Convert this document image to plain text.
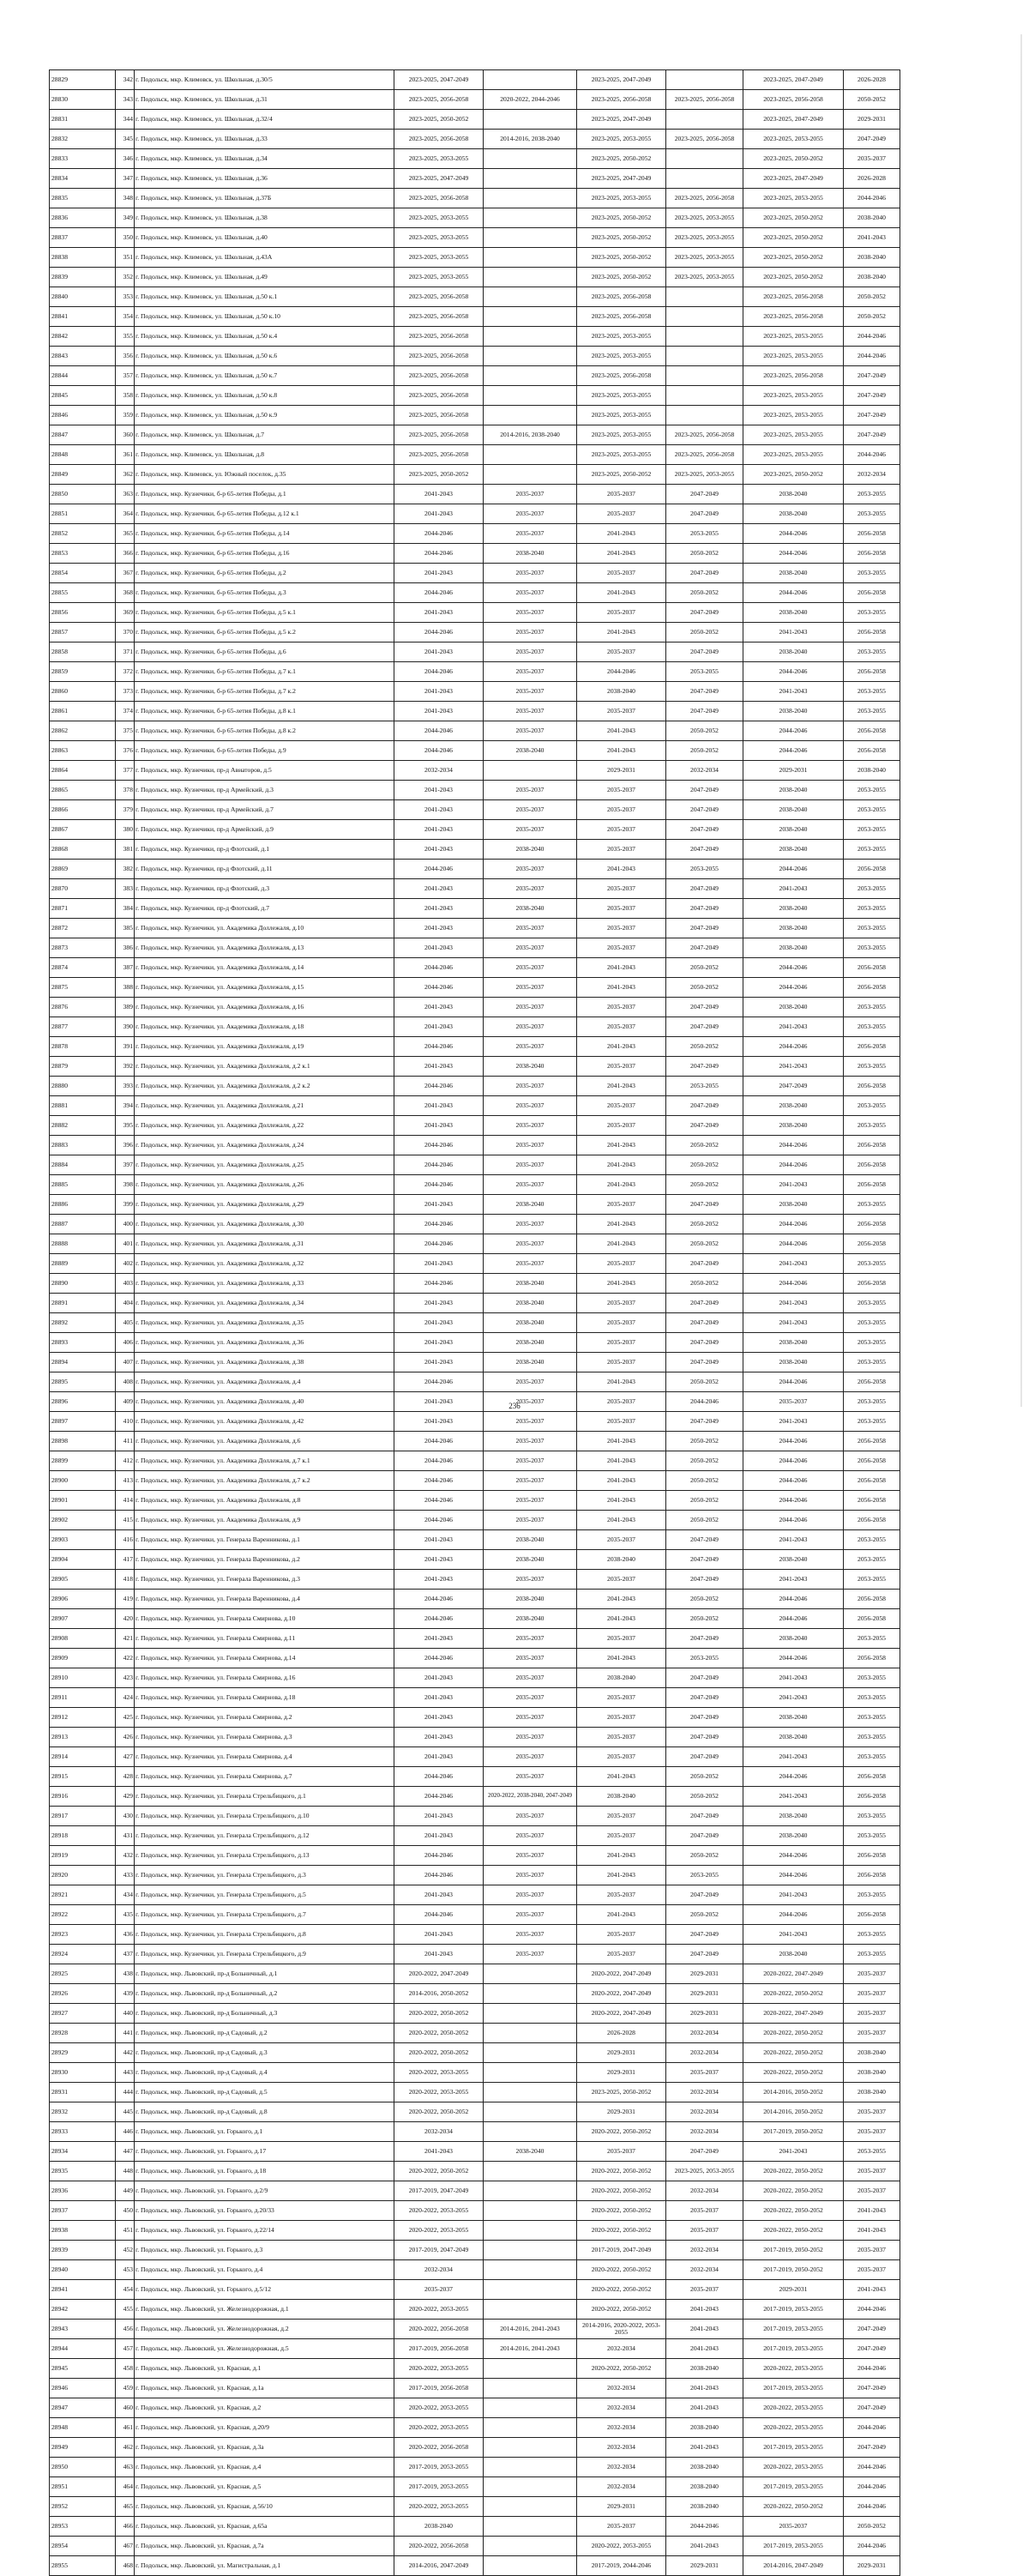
28829	342	г. Подольск, мкр. Климовск, ул. Школьная, д.30/5	2023-2025, 2047-2049		2023-2025, 2047-2049		2023-2025, 2047-2049	2026-2028
28830	343	г. Подольск, мкр. Климовск, ул. Школьная, д.31	2023-2025, 2056-2058	2020-2022, 2044-2046	2023-2025, 2056-2058	2023-2025, 2056-2058	2023-2025, 2056-2058	2050-2052
28831	344	г. Подольск, мкр. Климовск, ул. Школьная, д.32/4	2023-2025, 2050-2052		2023-2025, 2047-2049		2023-2025, 2047-2049	2029-2031
28832	345	г. Подольск, мкр. Климовск, ул. Школьная, д.33	2023-2025, 2056-2058	2014-2016, 2038-2040	2023-2025, 2053-2055	2023-2025, 2056-2058	2023-2025, 2053-2055	2047-2049
28833	346	г. Подольск, мкр. Климовск, ул. Школьная, д.34	2023-2025, 2053-2055		2023-2025, 2050-2052		2023-2025, 2050-2052	2035-2037
28834	347	г. Подольск, мкр. Климовск, ул. Школьная, д.36	2023-2025, 2047-2049		2023-2025, 2047-2049		2023-2025, 2047-2049	2026-2028
28835	348	г. Подольск, мкр. Климовск, ул. Школьная, д.37Б	2023-2025, 2056-2058		2023-2025, 2053-2055	2023-2025, 2056-2058	2023-2025, 2053-2055	2044-2046
28836	349	г. Подольск, мкр. Климовск, ул. Школьная, д.38	2023-2025, 2053-2055		2023-2025, 2050-2052	2023-2025, 2053-2055	2023-2025, 2050-2052	2038-2040
28837	350	г. Подольск, мкр. Климовск, ул. Школьная, д.40	2023-2025, 2053-2055		2023-2025, 2050-2052	2023-2025, 2053-2055	2023-2025, 2050-2052	2041-2043
28838	351	г. Подольск, мкр. Климовск, ул. Школьная, д.43А	2023-2025, 2053-2055		2023-2025, 2050-2052	2023-2025, 2053-2055	2023-2025, 2050-2052	2038-2040
28839	352	г. Подольск, мкр. Климовск, ул. Школьная, д.49	2023-2025, 2053-2055		2023-2025, 2050-2052	2023-2025, 2053-2055	2023-2025, 2050-2052	2038-2040
28840	353	г. Подольск, мкр. Климовск, ул. Школьная, д.50 к.1	2023-2025, 2056-2058		2023-2025, 2056-2058		2023-2025, 2056-2058	2050-2052
28841	354	г. Подольск, мкр. Климовск, ул. Школьная, д.50 к.10	2023-2025, 2056-2058		2023-2025, 2056-2058		2023-2025, 2056-2058	2050-2052
28842	355	г. Подольск, мкр. Климовск, ул. Школьная, д.50 к.4	2023-2025, 2056-2058		2023-2025, 2053-2055		2023-2025, 2053-2055	2044-2046
28843	356	г. Подольск, мкр. Климовск, ул. Школьная, д.50 к.6	2023-2025, 2056-2058		2023-2025, 2053-2055		2023-2025, 2053-2055	2044-2046
28844	357	г. Подольск, мкр. Климовск, ул. Школьная, д.50 к.7	2023-2025, 2056-2058		2023-2025, 2056-2058		2023-2025, 2056-2058	2047-2049
28845	358	г. Подольск, мкр. Климовск, ул. Школьная, д.50 к.8	2023-2025, 2056-2058		2023-2025, 2053-2055		2023-2025, 2053-2055	2047-2049
28846	359	г. Подольск, мкр. Климовск, ул. Школьная, д.50 к.9	2023-2025, 2056-2058		2023-2025, 2053-2055		2023-2025, 2053-2055	2047-2049
28847	360	г. Подольск, мкр. Климовск, ул. Школьная, д.7	2023-2025, 2056-2058	2014-2016, 2038-2040	2023-2025, 2053-2055	2023-2025, 2056-2058	2023-2025, 2053-2055	2047-2049
28848	361	г. Подольск, мкр. Климовск, ул. Школьная, д.8	2023-2025, 2056-2058		2023-2025, 2053-2055	2023-2025, 2056-2058	2023-2025, 2053-2055	2044-2046
28849	362	г. Подольск, мкр. Климовск, ул. Южный поселок, д.35	2023-2025, 2050-2052		2023-2025, 2050-2052	2023-2025, 2053-2055	2023-2025, 2050-2052	2032-2034
28850	363	г. Подольск, мкр. Кузнечики, б-р 65-летия Победы, д.1	2041-2043	2035-2037	2035-2037	2047-2049	2038-2040	2053-2055
28851	364	г. Подольск, мкр. Кузнечики, б-р 65-летия Победы, д.12 к.1	2041-2043	2035-2037	2035-2037	2047-2049	2038-2040	2053-2055
28852	365	г. Подольск, мкр. Кузнечики, б-р 65-летия Победы, д.14	2044-2046	2035-2037	2041-2043	2053-2055	2044-2046	2056-2058
28853	366	г. Подольск, мкр. Кузнечики, б-р 65-летия Победы, д.16	2044-2046	2038-2040	2041-2043	2050-2052	2044-2046	2056-2058
28854	367	г. Подольск, мкр. Кузнечики, б-р 65-летия Победы, д.2	2041-2043	2035-2037	2035-2037	2047-2049	2038-2040	2053-2055
28855	368	г. Подольск, мкр. Кузнечики, б-р 65-летия Победы, д.3	2044-2046	2035-2037	2041-2043	2050-2052	2044-2046	2056-2058
28856	369	г. Подольск, мкр. Кузнечики, б-р 65-летия Победы, д.5 к.1	2041-2043	2035-2037	2035-2037	2047-2049	2038-2040	2053-2055
28857	370	г. Подольск, мкр. Кузнечики, б-р 65-летия Победы, д.5 к.2	2044-2046	2035-2037	2041-2043	2050-2052	2041-2043	2056-2058
28858	371	г. Подольск, мкр. Кузнечики, б-р 65-летия Победы, д.6	2041-2043	2035-2037	2035-2037	2047-2049	2038-2040	2053-2055
28859	372	г. Подольск, мкр. Кузнечики, б-р 65-летия Победы, д.7 к.1	2044-2046	2035-2037	2044-2046	2053-2055	2044-2046	2056-2058
28860	373	г. Подольск, мкр. Кузнечики, б-р 65-летия Победы, д.7 к.2	2041-2043	2035-2037	2038-2040	2047-2049	2041-2043	2053-2055
28861	374	г. Подольск, мкр. Кузнечики, б-р 65-летия Победы, д.8 к.1	2041-2043	2035-2037	2035-2037	2047-2049	2038-2040	2053-2055
28862	375	г. Подольск, мкр. Кузнечики, б-р 65-летия Победы, д.8 к.2	2044-2046	2035-2037	2041-2043	2050-2052	2044-2046	2056-2058
28863	376	г. Подольск, мкр. Кузнечики, б-р 65-летия Победы, д.9	2044-2046	2038-2040	2041-2043	2050-2052	2044-2046	2056-2058
28864	377	г. Подольск, мкр. Кузнечики, пр-д Авиаторов, д.5	2032-2034		2029-2031	2032-2034	2029-2031	2038-2040
28865	378	г. Подольск, мкр. Кузнечики, пр-д Армейский, д.3	2041-2043	2035-2037	2035-2037	2047-2049	2038-2040	2053-2055
28866	379	г. Подольск, мкр. Кузнечики, пр-д Армейский, д.7	2041-2043	2035-2037	2035-2037	2047-2049	2038-2040	2053-2055
28867	380	г. Подольск, мкр. Кузнечики, пр-д Армейский, д.9	2041-2043	2035-2037	2035-2037	2047-2049	2038-2040	2053-2055
28868	381	г. Подольск, мкр. Кузнечики, пр-д Флотский, д.1	2041-2043	2038-2040	2035-2037	2047-2049	2038-2040	2053-2055
28869	382	г. Подольск, мкр. Кузнечики, пр-д Флотский, д.11	2044-2046	2035-2037	2041-2043	2053-2055	2044-2046	2056-2058
28870	383	г. Подольск, мкр. Кузнечики, пр-д Флотский, д.3	2041-2043	2035-2037	2035-2037	2047-2049	2041-2043	2053-2055
28871	384	г. Подольск, мкр. Кузнечики, пр-д Флотский, д.7	2041-2043	2038-2040	2035-2037	2047-2049	2038-2040	2053-2055
28872	385	г. Подольск, мкр. Кузнечики, ул. Академика Доллежаля, д.10	2041-2043	2035-2037	2035-2037	2047-2049	2038-2040	2053-2055
28873	386	г. Подольск, мкр. Кузнечики, ул. Академика Доллежаля, д.13	2041-2043	2035-2037	2035-2037	2047-2049	2038-2040	2053-2055
28874	387	г. Подольск, мкр. Кузнечики, ул. Академика Доллежаля, д.14	2044-2046	2035-2037	2041-2043	2050-2052	2044-2046	2056-2058
28875	388	г. Подольск, мкр. Кузнечики, ул. Академика Доллежаля, д.15	2044-2046	2035-2037	2041-2043	2050-2052	2044-2046	2056-2058
28876	389	г. Подольск, мкр. Кузнечики, ул. Академика Доллежаля, д.16	2041-2043	2035-2037	2035-2037	2047-2049	2038-2040	2053-2055
28877	390	г. Подольск, мкр. Кузнечики, ул. Академика Доллежаля, д.18	2041-2043	2035-2037	2035-2037	2047-2049	2041-2043	2053-2055
28878	391	г. Подольск, мкр. Кузнечики, ул. Академика Доллежаля, д.19	2044-2046	2035-2037	2041-2043	2050-2052	2044-2046	2056-2058
28879	392	г. Подольск, мкр. Кузнечики, ул. Академика Доллежаля, д.2 к.1	2041-2043	2038-2040	2035-2037	2047-2049	2041-2043	2053-2055
28880	393	г. Подольск, мкр. Кузнечики, ул. Академика Доллежаля, д.2 к.2	2044-2046	2035-2037	2041-2043	2053-2055	2047-2049	2056-2058
28881	394	г. Подольск, мкр. Кузнечики, ул. Академика Доллежаля, д.21	2041-2043	2035-2037	2035-2037	2047-2049	2038-2040	2053-2055
28882	395	г. Подольск, мкр. Кузнечики, ул. Академика Доллежаля, д.22	2041-2043	2035-2037	2035-2037	2047-2049	2038-2040	2053-2055
28883	396	г. Подольск, мкр. Кузнечики, ул. Академика Доллежаля, д.24	2044-2046	2035-2037	2041-2043	2050-2052	2044-2046	2056-2058
28884	397	г. Подольск, мкр. Кузнечики, ул. Академика Доллежаля, д.25	2044-2046	2035-2037	2041-2043	2050-2052	2044-2046	2056-2058
28885	398	г. Подольск, мкр. Кузнечики, ул. Академика Доллежаля, д.26	2044-2046	2035-2037	2041-2043	2050-2052	2041-2043	2056-2058
28886	399	г. Подольск, мкр. Кузнечики, ул. Академика Доллежаля, д.29	2041-2043	2038-2040	2035-2037	2047-2049	2038-2040	2053-2055
28887	400	г. Подольск, мкр. Кузнечики, ул. Академика Доллежаля, д.30	2044-2046	2035-2037	2041-2043	2050-2052	2044-2046	2056-2058
28888	401	г. Подольск, мкр. Кузнечики, ул. Академика Доллежаля, д.31	2044-2046	2035-2037	2041-2043	2050-2052	2044-2046	2056-2058
28889	402	г. Подольск, мкр. Кузнечики, ул. Академика Доллежаля, д.32	2041-2043	2035-2037	2035-2037	2047-2049	2041-2043	2053-2055
28890	403	г. Подольск, мкр. Кузнечики, ул. Академика Доллежаля, д.33	2044-2046	2038-2040	2041-2043	2050-2052	2044-2046	2056-2058
28891	404	г. Подольск, мкр. Кузнечики, ул. Академика Доллежаля, д.34	2041-2043	2038-2040	2035-2037	2047-2049	2041-2043	2053-2055
28892	405	г. Подольск, мкр. Кузнечики, ул. Академика Доллежаля, д.35	2041-2043	2038-2040	2035-2037	2047-2049	2041-2043	2053-2055
28893	406	г. Подольск, мкр. Кузнечики, ул. Академика Доллежаля, д.36	2041-2043	2038-2040	2035-2037	2047-2049	2038-2040	2053-2055
28894	407	г. Подольск, мкр. Кузнечики, ул. Академика Доллежаля, д.38	2041-2043	2038-2040	2035-2037	2047-2049	2038-2040	2053-2055
28895	408	г. Подольск, мкр. Кузнечики, ул. Академика Доллежаля, д.4	2044-2046	2035-2037	2041-2043	2050-2052	2044-2046	2056-2058
28896	409	г. Подольск, мкр. Кузнечики, ул. Академика Доллежаля, д.40	2041-2043	2035-2037	2035-2037	2044-2046	2035-2037	2053-2055
28897	410	г. Подольск, мкр. Кузнечики, ул. Академика Доллежаля, д.42	2041-2043	2035-2037	2035-2037	2047-2049	2041-2043	2053-2055
28898	411	г. Подольск, мкр. Кузнечики, ул. Академика Доллежаля, д.6	2044-2046	2035-2037	2041-2043	2050-2052	2044-2046	2056-2058
28899	412	г. Подольск, мкр. Кузнечики, ул. Академика Доллежаля, д.7 к.1	2044-2046	2035-2037	2041-2043	2050-2052	2044-2046	2056-2058
28900	413	г. Подольск, мкр. Кузнечики, ул. Академика Доллежаля, д.7 к.2	2044-2046	2035-2037	2041-2043	2050-2052	2044-2046	2056-2058
28901	414	г. Подольск, мкр. Кузнечики, ул. Академика Доллежаля, д.8	2044-2046	2035-2037	2041-2043	2050-2052	2044-2046	2056-2058
28902	415	г. Подольск, мкр. Кузнечики, ул. Академика Доллежаля, д.9	2044-2046	2035-2037	2041-2043	2050-2052	2044-2046	2056-2058
28903	416	г. Подольск, мкр. Кузнечики, ул. Генерала Варенникова, д.1	2041-2043	2038-2040	2035-2037	2047-2049	2041-2043	2053-2055
28904	417	г. Подольск, мкр. Кузнечики, ул. Генерала Варенникова, д.2	2041-2043	2038-2040	2038-2040	2047-2049	2038-2040	2053-2055
28905	418	г. Подольск, мкр. Кузнечики, ул. Генерала Варенникова, д.3	2041-2043	2035-2037	2035-2037	2047-2049	2041-2043	2053-2055
28906	419	г. Подольск, мкр. Кузнечики, ул. Генерала Варенникова, д.4	2044-2046	2038-2040	2041-2043	2050-2052	2044-2046	2056-2058
28907	420	г. Подольск, мкр. Кузнечики, ул. Генерала Смирнова, д.10	2044-2046	2038-2040	2041-2043	2050-2052	2044-2046	2056-2058
28908	421	г. Подольск, мкр. Кузнечики, ул. Генерала Смирнова, д.11	2041-2043	2035-2037	2035-2037	2047-2049	2038-2040	2053-2055
28909	422	г. Подольск, мкр. Кузнечики, ул. Генерала Смирнова, д.14	2044-2046	2035-2037	2041-2043	2053-2055	2044-2046	2056-2058
28910	423	г. Подольск, мкр. Кузнечики, ул. Генерала Смирнова, д.16	2041-2043	2035-2037	2038-2040	2047-2049	2041-2043	2053-2055
28911	424	г. Подольск, мкр. Кузнечики, ул. Генерала Смирнова, д.18	2041-2043	2035-2037	2035-2037	2047-2049	2041-2043	2053-2055
28912	425	г. Подольск, мкр. Кузнечики, ул. Генерала Смирнова, д.2	2041-2043	2035-2037	2035-2037	2047-2049	2038-2040	2053-2055
28913	426	г. Подольск, мкр. Кузнечики, ул. Генерала Смирнова, д.3	2041-2043	2035-2037	2035-2037	2047-2049	2038-2040	2053-2055
28914	427	г. Подольск, мкр. Кузнечики, ул. Генерала Смирнова, д.4	2041-2043	2035-2037	2035-2037	2047-2049	2041-2043	2053-2055
28915	428	г. Подольск, мкр. Кузнечики, ул. Генерала Смирнова, д.7	2044-2046	2035-2037	2041-2043	2050-2052	2044-2046	2056-2058
28916	429	г. Подольск, мкр. Кузнечики, ул. Генерала Стрельбицкого, д.1	2044-2046	2020-2022, 2038-2040, 2047-2049	2038-2040	2050-2052	2041-2043	2056-2058
28917	430	г. Подольск, мкр. Кузнечики, ул. Генерала Стрельбицкого, д.10	2041-2043	2035-2037	2035-2037	2047-2049	2038-2040	2053-2055
28918	431	г. Подольск, мкр. Кузнечики, ул. Генерала Стрельбицкого, д.12	2041-2043	2035-2037	2035-2037	2047-2049	2038-2040	2053-2055
28919	432	г. Подольск, мкр. Кузнечики, ул. Генерала Стрельбицкого, д.13	2044-2046	2035-2037	2041-2043	2050-2052	2044-2046	2056-2058
28920	433	г. Подольск, мкр. Кузнечики, ул. Генерала Стрельбицкого, д.3	2044-2046	2035-2037	2041-2043	2053-2055	2044-2046	2056-2058
28921	434	г. Подольск, мкр. Кузнечики, ул. Генерала Стрельбицкого, д.5	2041-2043	2035-2037	2035-2037	2047-2049	2041-2043	2053-2055
28922	435	г. Подольск, мкр. Кузнечики, ул. Генерала Стрельбицкого, д.7	2044-2046	2035-2037	2041-2043	2050-2052	2044-2046	2056-2058
28923	436	г. Подольск, мкр. Кузнечики, ул. Генерала Стрельбицкого, д.8	2041-2043	2035-2037	2035-2037	2047-2049	2041-2043	2053-2055
28924	437	г. Подольск, мкр. Кузнечики, ул. Генерала Стрельбицкого, д.9	2041-2043	2035-2037	2035-2037	2047-2049	2038-2040	2053-2055
28925	438	г. Подольск, мкр. Львовский, пр-д Больничный, д.1	2020-2022, 2047-2049		2020-2022, 2047-2049	2029-2031	2020-2022, 2047-2049	2035-2037
28926	439	г. Подольск, мкр. Львовский, пр-д Больничный, д.2	2014-2016, 2050-2052		2020-2022, 2047-2049	2029-2031	2020-2022, 2050-2052	2035-2037
28927	440	г. Подольск, мкр. Львовский, пр-д Больничный, д.3	2020-2022, 2050-2052		2020-2022, 2047-2049	2029-2031	2020-2022, 2047-2049	2035-2037
28928	441	г. Подольск, мкр. Львовский, пр-д Садовый, д.2	2020-2022, 2050-2052		2026-2028	2032-2034	2020-2022, 2050-2052	2035-2037
28929	442	г. Подольск, мкр. Львовский, пр-д Садовый, д.3	2020-2022, 2050-2052		2029-2031	2032-2034	2020-2022, 2050-2052	2038-2040
28930	443	г. Подольск, мкр. Львовский, пр-д Садовый, д.4	2020-2022, 2053-2055		2029-2031	2035-2037	2020-2022, 2050-2052	2038-2040
28931	444	г. Подольск, мкр. Львовский, пр-д Садовый, д.5	2020-2022, 2053-2055		2023-2025, 2050-2052	2032-2034	2014-2016, 2050-2052	2038-2040
28932	445	г. Подольск, мкр. Львовский, пр-д Садовый, д.8	2020-2022, 2050-2052		2029-2031	2032-2034	2014-2016, 2050-2052	2035-2037
28933	446	г. Подольск, мкр. Львовский, ул. Горького, д.1	2032-2034		2020-2022, 2050-2052	2032-2034	2017-2019, 2050-2052	2035-2037
28934	447	г. Подольск, мкр. Львовский, ул. Горького, д.17	2041-2043	2038-2040	2035-2037	2047-2049	2041-2043	2053-2055
28935	448	г. Подольск, мкр. Львовский, ул. Горького, д.18	2020-2022, 2050-2052		2020-2022, 2050-2052	2023-2025, 2053-2055	2020-2022, 2050-2052	2035-2037
28936	449	г. Подольск, мкр. Львовский, ул. Горького, д.2/9	2017-2019, 2047-2049		2020-2022, 2050-2052	2032-2034	2020-2022, 2050-2052	2035-2037
28937	450	г. Подольск, мкр. Львовский, ул. Горького, д.20/33	2020-2022, 2053-2055		2020-2022, 2050-2052	2035-2037	2020-2022, 2050-2052	2041-2043
28938	451	г. Подольск, мкр. Львовский, ул. Горького, д.22/14	2020-2022, 2053-2055		2020-2022, 2050-2052	2035-2037	2020-2022, 2050-2052	2041-2043
28939	452	г. Подольск, мкр. Львовский, ул. Горького, д.3	2017-2019, 2047-2049		2017-2019, 2047-2049	2032-2034	2017-2019, 2050-2052	2035-2037
28940	453	г. Подольск, мкр. Львовский, ул. Горького, д.4	2032-2034		2020-2022, 2050-2052	2032-2034	2017-2019, 2050-2052	2035-2037
28941	454	г. Подольск, мкр. Львовский, ул. Горького, д.5/12	2035-2037		2020-2022, 2050-2052	2035-2037	2029-2031	2041-2043
28942	455	г. Подольск, мкр. Львовский, ул. Железнодорожная, д.1	2020-2022, 2053-2055		2020-2022, 2050-2052	2041-2043	2017-2019, 2053-2055	2044-2046
28943	456	г. Подольск, мкр. Львовский, ул. Железнодорожная, д.2	2020-2022, 2056-2058	2014-2016, 2041-2043	2014-2016, 2020-2022, 2053-2055	2041-2043	2017-2019, 2053-2055	2047-2049
28944	457	г. Подольск, мкр. Львовский, ул. Железнодорожная, д.5	2017-2019, 2056-2058	2014-2016, 2041-2043	2032-2034	2041-2043	2017-2019, 2053-2055	2047-2049
28945	458	г. Подольск, мкр. Львовский, ул. Красная, д.1	2020-2022, 2053-2055		2020-2022, 2050-2052	2038-2040	2020-2022, 2053-2055	2044-2046
28946	459	г. Подольск, мкр. Львовский, ул. Красная, д.1а	2017-2019, 2056-2058		2032-2034	2041-2043	2017-2019, 2053-2055	2047-2049
28947	460	г. Подольск, мкр. Львовский, ул. Красная, д.2	2020-2022, 2053-2055		2032-2034	2041-2043	2020-2022, 2053-2055	2047-2049
28948	461	г. Подольск, мкр. Львовский, ул. Красная, д.20/9	2020-2022, 2053-2055		2032-2034	2038-2040	2020-2022, 2053-2055	2044-2046
28949	462	г. Подольск, мкр. Львовский, ул. Красная, д.3а	2020-2022, 2056-2058		2032-2034	2041-2043	2017-2019, 2053-2055	2047-2049
28950	463	г. Подольск, мкр. Львовский, ул. Красная, д.4	2017-2019, 2053-2055		2032-2034	2038-2040	2020-2022, 2053-2055	2044-2046
28951	464	г. Подольск, мкр. Львовский, ул. Красная, д.5	2017-2019, 2053-2055		2032-2034	2038-2040	2017-2019, 2053-2055	2044-2046
28952	465	г. Подольск, мкр. Львовский, ул. Красная, д.56/10	2020-2022, 2053-2055		2029-2031	2038-2040	2020-2022, 2050-2052	2044-2046
28953	466	г. Подольск, мкр. Львовский, ул. Красная, д.65а	2038-2040		2035-2037	2044-2046	2035-2037	2050-2052
28954	467	г. Подольск, мкр. Львовский, ул. Красная, д.7а	2020-2022, 2056-2058		2020-2022, 2053-2055	2041-2043	2017-2019, 2053-2055	2044-2046
28955	468	г. Подольск, мкр. Львовский, ул. Магистральная, д.1	2014-2016, 2047-2049		2017-2019, 2044-2046	2029-2031	2014-2016, 2047-2049	2029-2031
236
